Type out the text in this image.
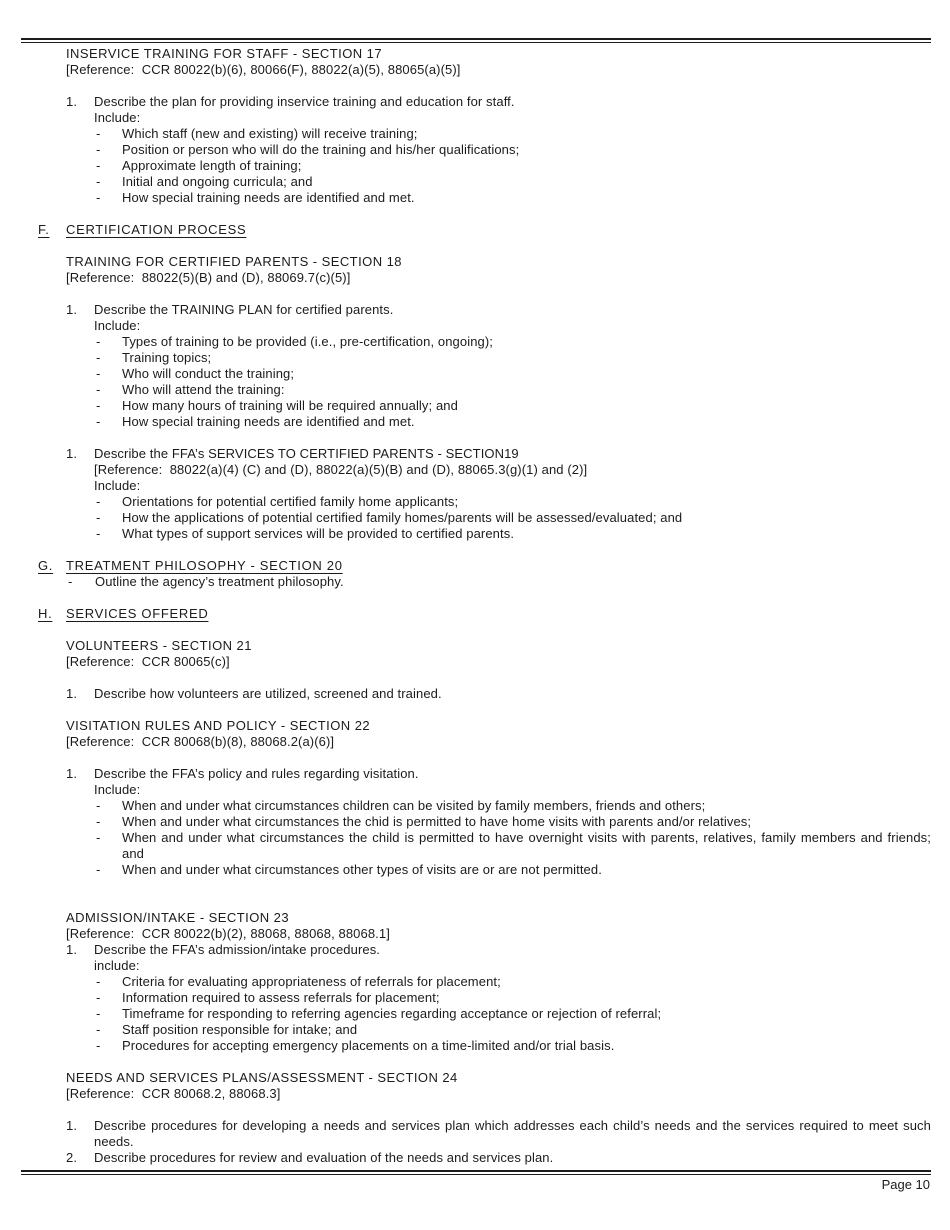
INSERVICE TRAINING FOR STAFF - SECTION 17
[Reference:  CCR 80022(b)(6), 80066(F), 88022(a)(5), 88065(a)(5)]

1.	Describe the plan for providing inservice training and education for staff.

Include:

-	Which staff (new and existing) will receive training;

-	Position or person who will do the training and his/her qualifications;

-	Approximate length of training;

-	Initial and ongoing curricula; and

-	How special training needs are identified and met.

F.	CERTIFICATION PROCESS

TRAINING FOR CERTIFIED PARENTS - SECTION 18
[Reference:  88022(5)(B) and (D), 88069.7(c)(5)]

1.	Describe the TRAINING PLAN for certified parents.

Include:

-	Types of training to be provided (i.e., pre-certification, ongoing);

-	Training topics;

-	Who will conduct the training;

-	Who will attend the training:

-	How many hours of training will be required annually; and

-	How special training needs are identified and met.

1.	Describe the FFA’s SERVICES TO CERTIFIED PARENTS - SECTION19

[Reference:  88022(a)(4) (C) and (D), 88022(a)(5)(B) and (D), 88065.3(g)(1) and (2)]

Include:

-	Orientations for potential certified family home applicants;

-	How the applications of potential certified family homes/parents will be assessed/evaluated; and

-	What types of support services will be provided to certified parents.

G. TREATMENT PHILOSOPHY - SECTION 20
-	Outline the agency’s treatment philosophy.

H.	SERVICES OFFERED

VOLUNTEERS - SECTION 21
[Reference:  CCR 80065(c)]

1.	Describe how volunteers are utilized, screened and trained.

VISITATION RULES AND POLICY - SECTION 22
[Reference:  CCR 80068(b)(8), 88068.2(a)(6)]

1.	Describe the FFA’s policy and rules regarding visitation.

Include:

-	When and under what circumstances children can be visited by family members, friends and others;

-	When and under what circumstances the chid is permitted to have home visits with parents and/or relatives;

-	When and under what circumstances the child is permitted to have overnight visits with parents, relatives, family members and friends; and

-	When and under what circumstances other types of visits are or are not permitted.

ADMISSION/INTAKE - SECTION 23
[Reference:  CCR 80022(b)(2), 88068, 88068, 88068.1]
1.	Describe the FFA’s admission/intake procedures.

include:

-	Criteria for evaluating appropriateness of referrals for placement;

-	Information required to assess referrals for placement;

-	Timeframe for responding to referring agencies regarding acceptance or rejection of referral;

-	Staff position responsible for intake; and

-	Procedures for accepting emergency placements on a time-limited and/or trial basis.

NEEDS AND SERVICES PLANS/ASSESSMENT - SECTION 24
[Reference:  CCR 80068.2, 88068.3]

1.	Describe procedures for developing a needs and services plan which addresses each child’s needs and the services required to meet such needs.
2.	Describe procedures for review and evaluation of the needs and services plan.
Page 10
